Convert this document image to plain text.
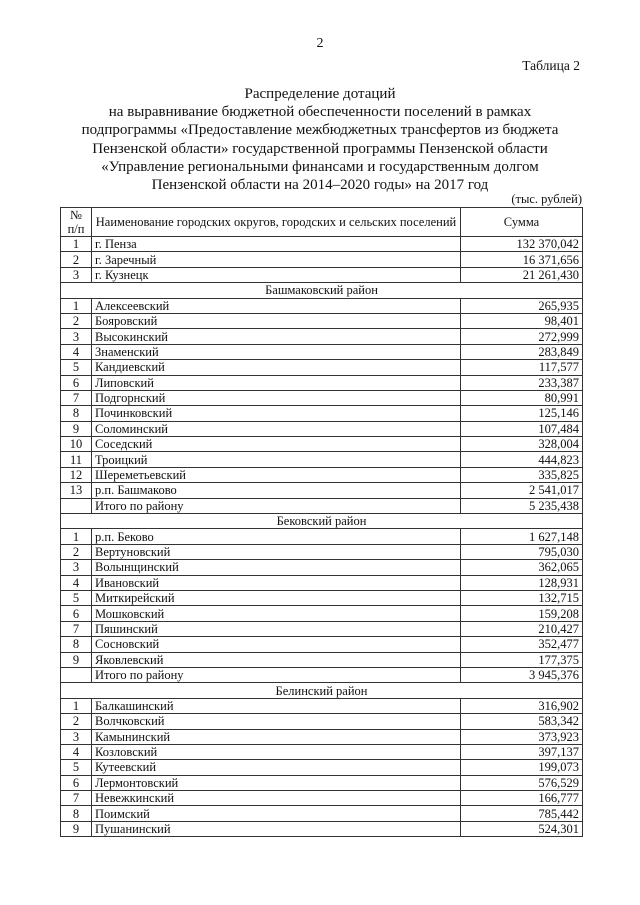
2
Таблица 2
Распределение дотаций
на выравнивание бюджетной обеспеченности поселений в рамках
подпрограммы «Предоставление межбюджетных трансфертов из бюджета
Пензенской области» государственной программы Пензенской области
«Управление региональными финансами и государственным долгом
Пензенской области на 2014–2020 годы» на 2017 год
(тыс. рублей)
№ п/п	Наименование городских округов, городских и сельских поселений	Сумма
1	г. Пенза	132 370,042
2	г. Заречный	16 371,656
3	г. Кузнецк	21 261,430
Башмаковский район		
1	Алексеевский	265,935
2	Бояровский	98,401
3	Высокинский	272,999
4	Знаменский	283,849
5	Кандиевский	117,577
6	Липовский	233,387
7	Подгорнский	80,991
8	Починковский	125,146
9	Соломинский	107,484
10	Соседский	328,004
11	Троицкий	444,823
12	Шереметьевский	335,825
13	р.п. Башмаково	2 541,017
	Итого по району	5 235,438
Бековский район		
1	р.п. Беково	1 627,148
2	Вертуновский	795,030
3	Волынщинский	362,065
4	Ивановский	128,931
5	Миткирейский	132,715
6	Мошковский	159,208
7	Пяшинский	210,427
8	Сосновский	352,477
9	Яковлевский	177,375
	Итого по району	3 945,376
Белинский район		
1	Балкашинский	316,902
2	Волчковский	583,342
3	Камынинский	373,923
4	Козловский	397,137
5	Кутеевский	199,073
6	Лермонтовский	576,529
7	Невежкинский	166,777
8	Поимский	785,442
9	Пушанинский	524,301
